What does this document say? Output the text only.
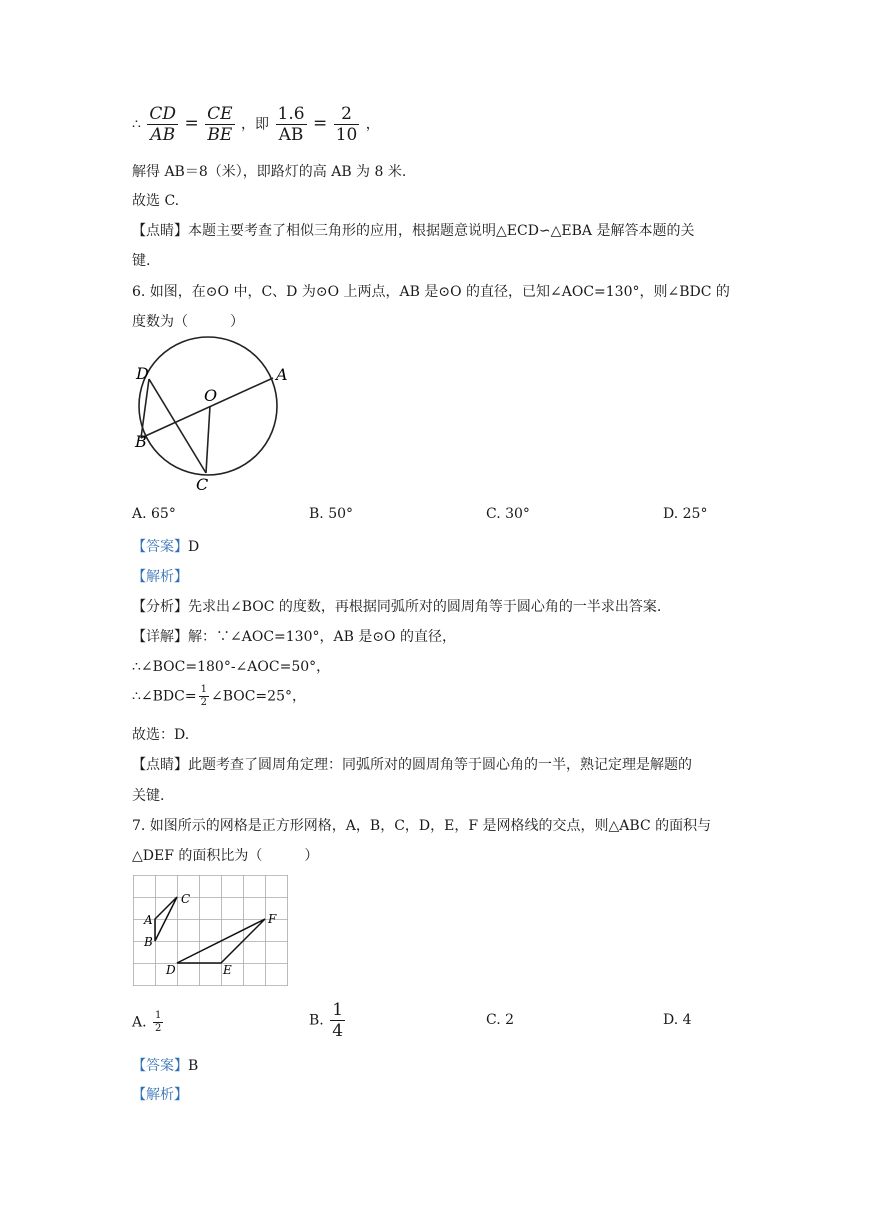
∴ $\frac{CD}{AB} = \frac{CE}{BE}$ ，即 $\frac{1.6}{AB} = \frac{2}{10}$ ，
解得 AB＝8（米），即路灯的高 AB 为 8 米.
故选 C.
【点睛】本题主要考查了相似三角形的应用，根据题意说明△ECD∽△EBA 是解答本题的关
键.
6. 如图，在⊙O 中，C、D 为⊙O 上两点，AB 是⊙O 的直径，已知∠AOC=130°，则∠BDC 的
度数为（　　　）
D	A
O
B
C
A. 65°	B. 50°	C. 30°	D. 25°
【答案】D
【解析】
【分析】先求出∠BOC 的度数，再根据同弧所对的圆周角等于圆心角的一半求出答案.
【详解】解：∵∠AOC=130°，AB 是⊙O 的直径，
∴∠BOC=180°-∠AOC=50°，
∴∠BDC= $\frac{1}{2}$ ∠BOC=25°，
故选：D.
【点睛】此题考查了圆周角定理：同弧所对的圆周角等于圆心角的一半，熟记定理是解题的
关键.
7. 如图所示的网格是正方形网格，A，B，C，D，E，F 是网格线的交点，则△ABC 的面积与
△DEF 的面积比为（　　　）
A
B
C
D	E
F
A. $\frac{1}{2}$	B. $\frac{1}{4}$	C. 2	D. 4
【答案】B
【解析】
